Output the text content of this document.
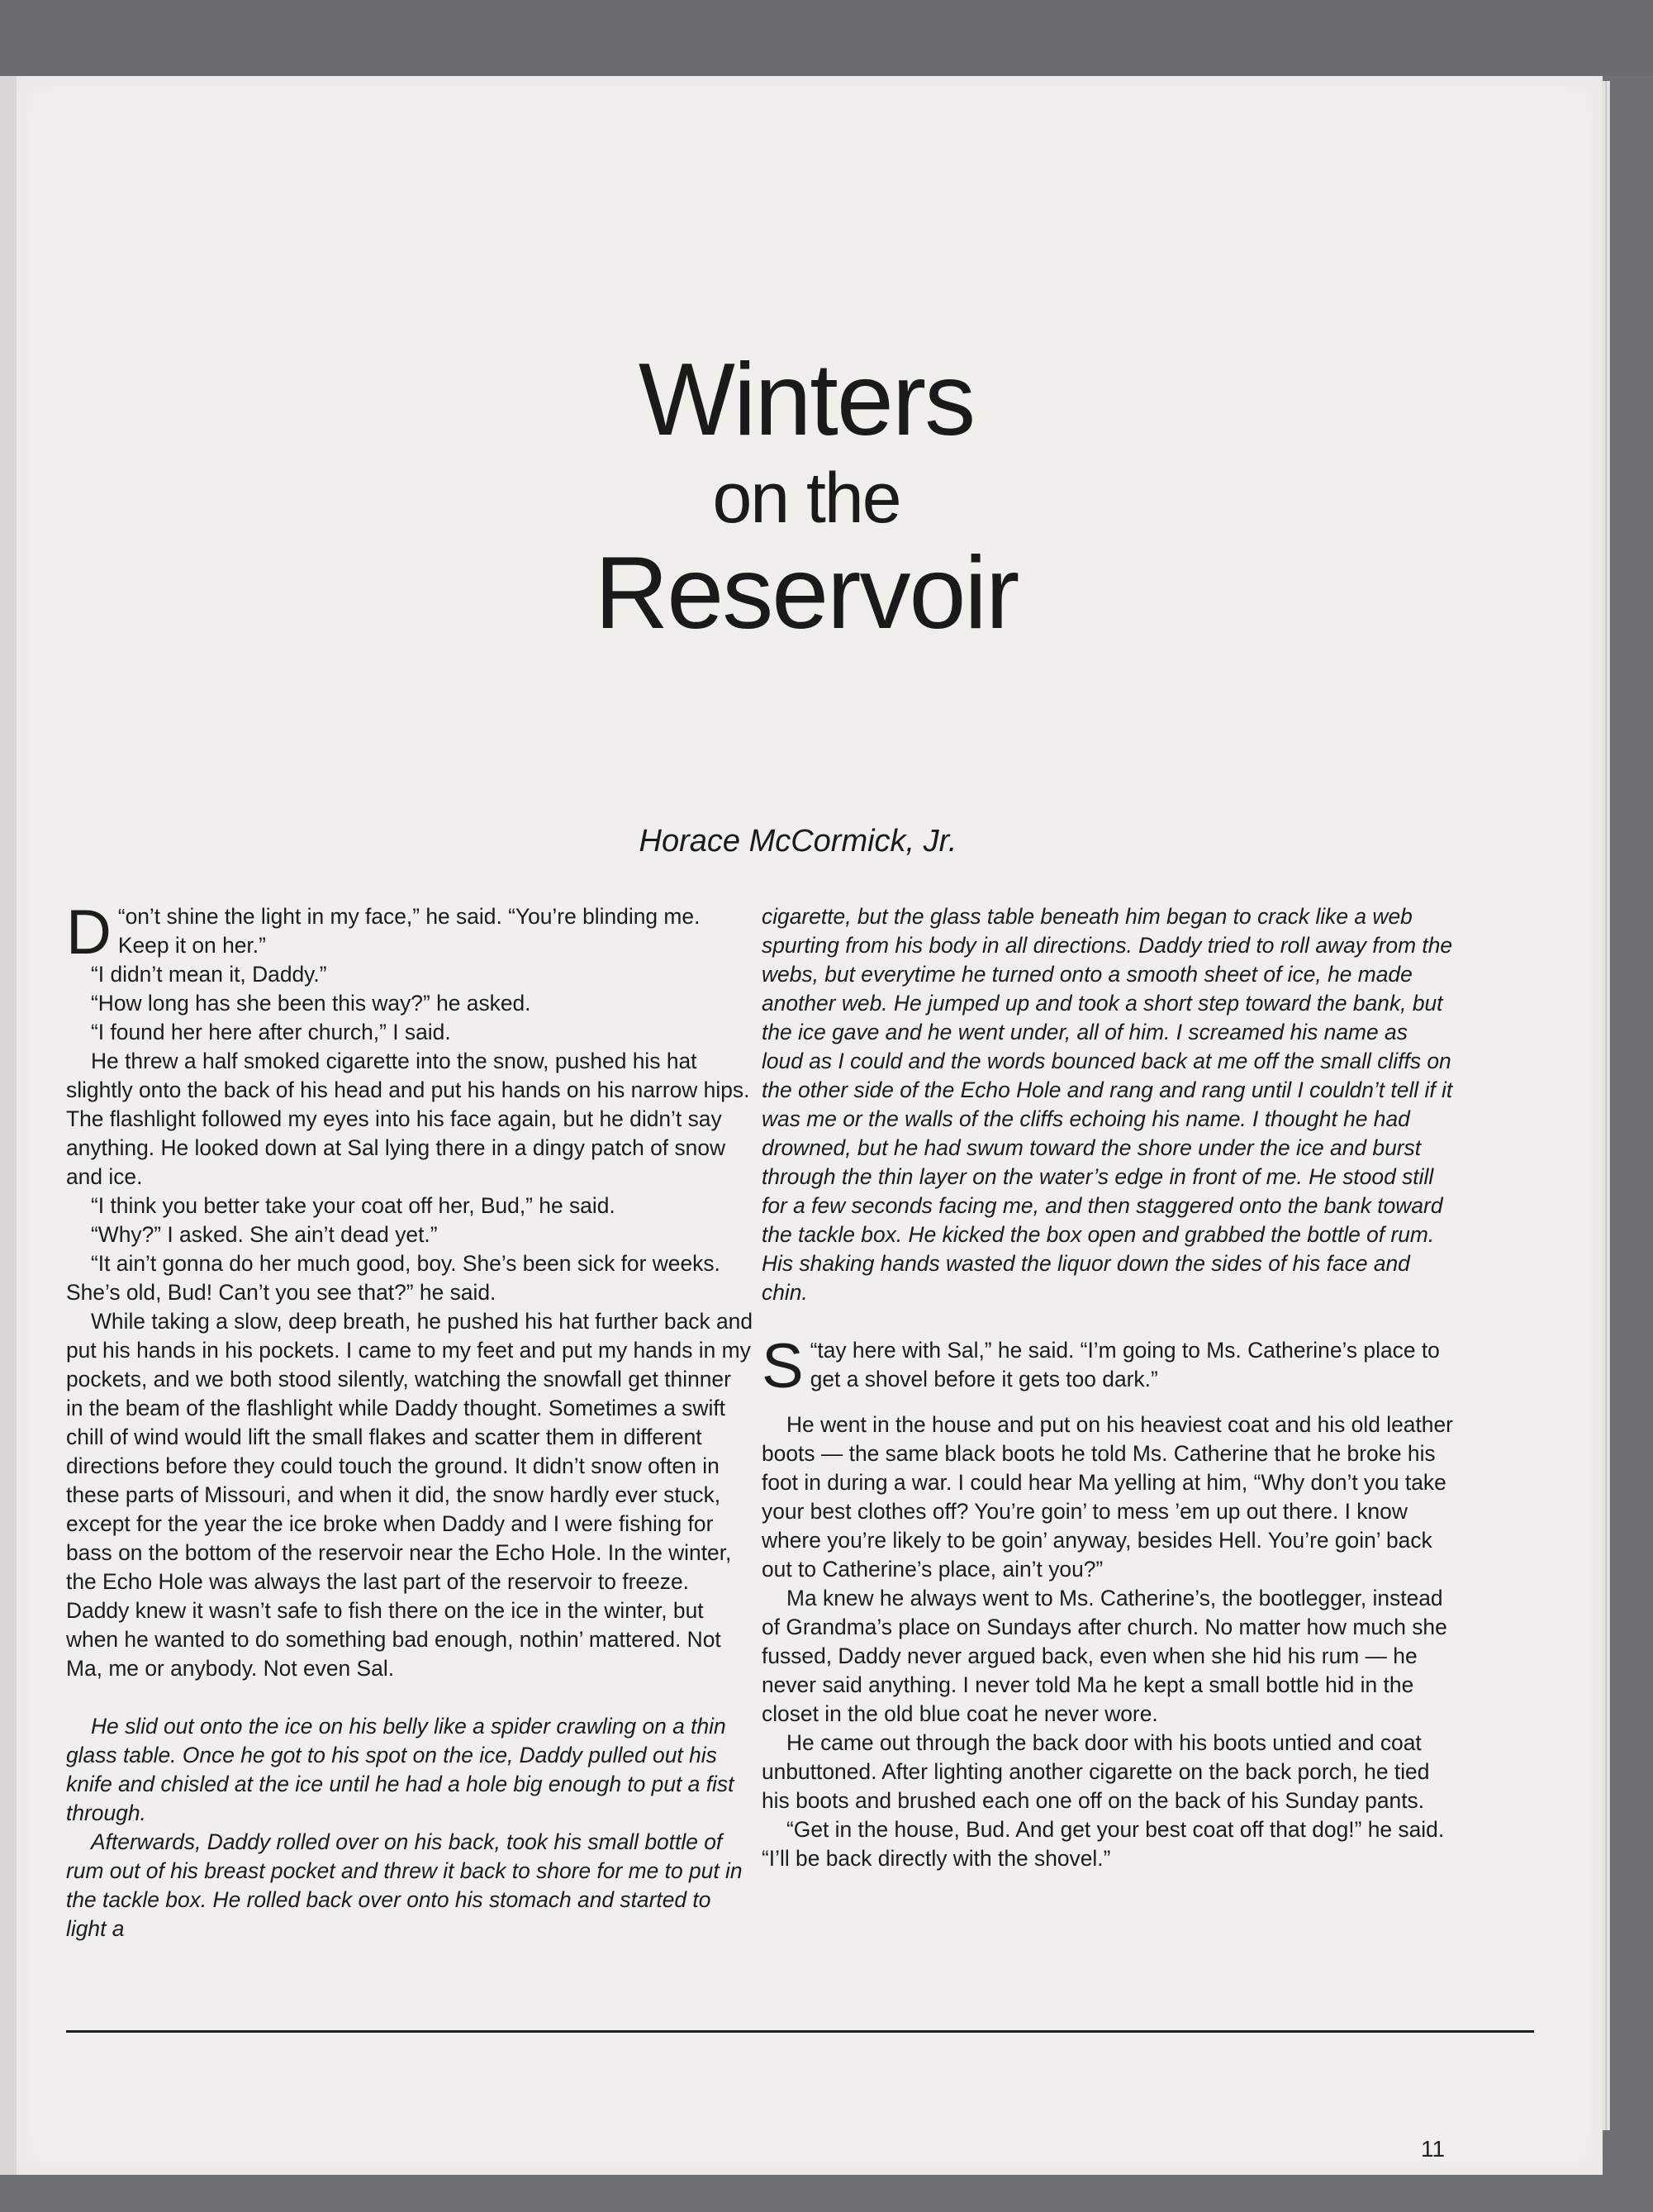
Winters
on the
Reservoir
Horace McCormick, Jr.

“
D on’t shine the light in my face,” he said. “You’re blinding me. Keep it on her.”

“I didn’t mean it, Daddy.”

“How long has she been this way?” he asked.

“I found her here after church,” I said.

He threw a half smoked cigarette into the snow, pushed his hat slightly onto the back of his head and put his hands on his narrow hips. The flashlight followed my eyes into his face again, but he didn’t say anything. He looked down at Sal lying there in a dingy patch of snow and ice.

“I think you better take your coat off her, Bud,” he said.

“Why?” I asked. She ain’t dead yet.”

“It ain’t gonna do her much good, boy. She’s been sick for weeks. She’s old, Bud! Can’t you see that?” he said.

While taking a slow, deep breath, he pushed his hat further back and put his hands in his pockets. I came to my feet and put my hands in my pockets, and we both stood silently, watching the snowfall get thinner in the beam of the flashlight while Daddy thought. Sometimes a swift chill of wind would lift the small flakes and scatter them in different directions before they could touch the ground. It didn’t snow often in these parts of Missouri, and when it did, the snow hardly ever stuck, except for the year the ice broke when Daddy and I were fishing for bass on the bottom of the reservoir near the Echo Hole. In the winter, the Echo Hole was always the last part of the reservoir to freeze. Daddy knew it wasn’t safe to fish there on the ice in the winter, but when he wanted to do something bad enough, nothin’ mattered. Not Ma, me or anybody. Not even Sal.

He slid out onto the ice on his belly like a spider crawling on a thin glass table. Once he got to his spot on the ice, Daddy pulled out his knife and chisled at the ice until he had a hole big enough to put a fist through.

Afterwards, Daddy rolled over on his back, took his small bottle of rum out of his breast pocket and threw it back to shore for me to put in the tackle box. He rolled back over onto his stomach and started to light a

cigarette, but the glass table beneath him began to crack like a web spurting from his body in all directions. Daddy tried to roll away from the webs, but everytime he turned onto a smooth sheet of ice, he made another web. He jumped up and took a short step toward the bank, but the ice gave and he went under, all of him. I screamed his name as loud as I could and the words bounced back at me off the small cliffs on the other side of the Echo Hole and rang and rang until I couldn’t tell if it was me or the walls of the cliffs echoing his name. I thought he had drowned, but he had swum toward the shore under the ice and burst through the thin layer on the water’s edge in front of me. He stood still for a few seconds facing me, and then staggered onto the bank toward the tackle box. He kicked the box open and grabbed the bottle of rum. His shaking hands wasted the liquor down the sides of his face and chin.

“
S tay here with Sal,” he said. “I’m going to Ms. Catherine’s place to get a shovel before it gets too dark.”

He went in the house and put on his heaviest coat and his old leather boots — the same black boots he told Ms. Catherine that he broke his foot in during a war. I could hear Ma yelling at him, “Why don’t you take your best clothes off? You’re goin’ to mess ’em up out there. I know where you’re likely to be goin’ anyway, besides Hell. You’re goin’ back out to Catherine’s place, ain’t you?”

Ma knew he always went to Ms. Catherine’s, the bootlegger, instead of Grandma’s place on Sundays after church. No matter how much she fussed, Daddy never argued back, even when she hid his rum — he never said anything. I never told Ma he kept a small bottle hid in the closet in the old blue coat he never wore.

He came out through the back door with his boots untied and coat unbuttoned. After lighting another cigarette on the back porch, he tied his boots and brushed each one off on the back of his Sunday pants.

“Get in the house, Bud. And get your best coat off that dog!” he said. “I’ll be back directly with the shovel.”

11
